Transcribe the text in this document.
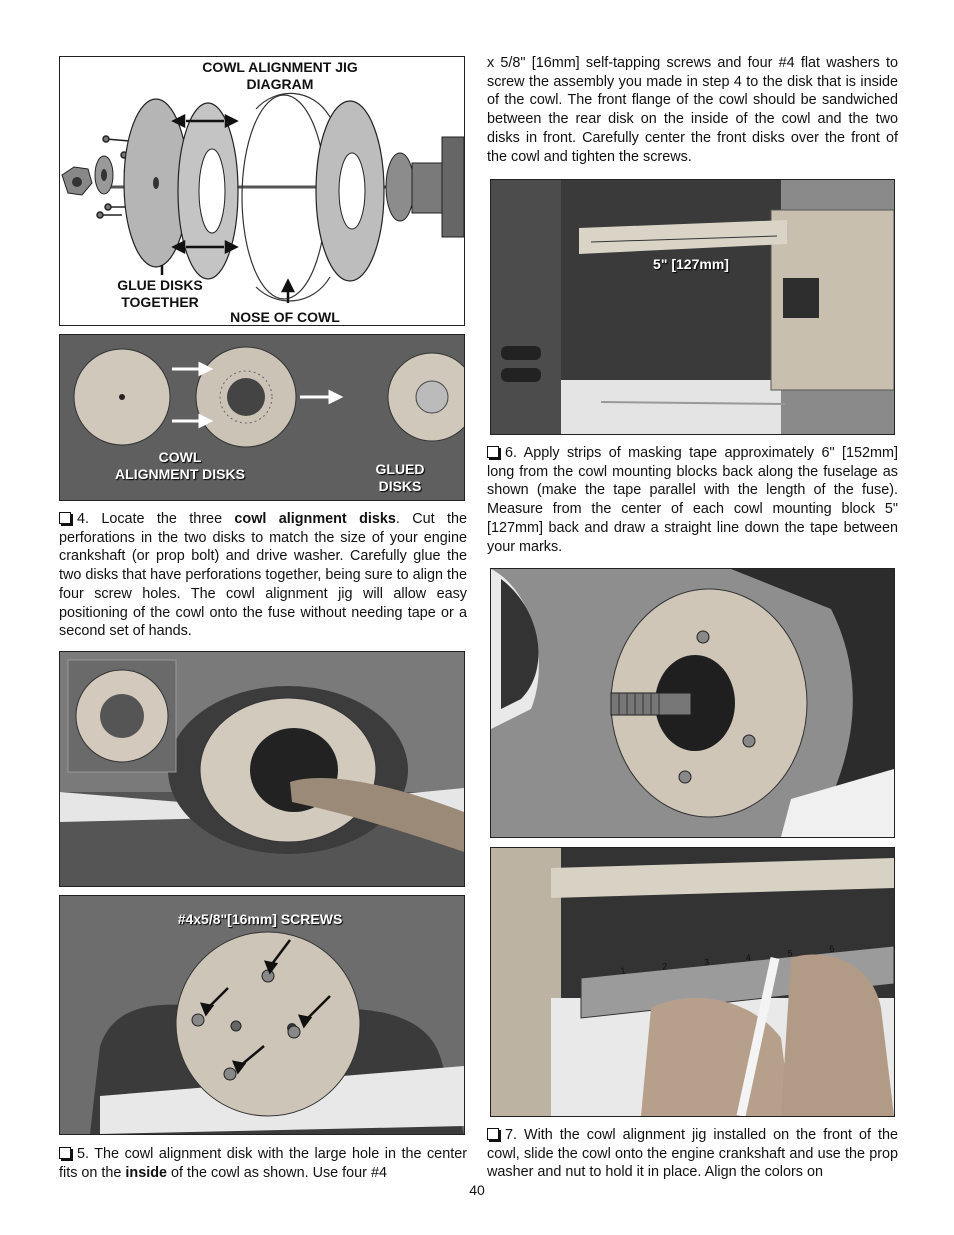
COWL ALIGNMENT JIG
DIAGRAM
GLUE DISKS
TOGETHER
NOSE OF COWL
COWL
ALIGNMENT DISKS	GLUED
DISKS
4. Locate the three cowl alignment disks. Cut the perforations in the two disks to match the size of your engine crankshaft (or prop bolt) and drive washer. Carefully glue the two disks that have perforations together, being sure to align the four screw holes. The cowl alignment jig will allow easy positioning of the cowl onto the fuse without needing tape or a second set of hands.
#4x5/8"[16mm] SCREWS
5. The cowl alignment disk with the large hole in the center fits on the inside of the cowl as shown. Use four #4
x 5/8" [16mm] self-tapping screws and four #4 flat washers to screw the assembly you made in step 4 to the disk that is inside of the cowl. The front flange of the cowl should be sandwiched between the rear disk on the inside of the cowl and the two disks in front. Carefully center the front disks over the front of the cowl and tighten the screws.
5" [127mm]
6. Apply strips of masking tape approximately 6" [152mm] long from the cowl mounting blocks back along the fuselage as shown (make the tape parallel with the length of the fuse). Measure from the center of each cowl mounting block 5" [127mm] back and draw a straight line down the tape between your marks.
1	2	3	4	5	6
7. With the cowl alignment jig installed on the front of the cowl, slide the cowl onto the engine crankshaft and use the prop washer and nut to hold it in place. Align the colors on
40
